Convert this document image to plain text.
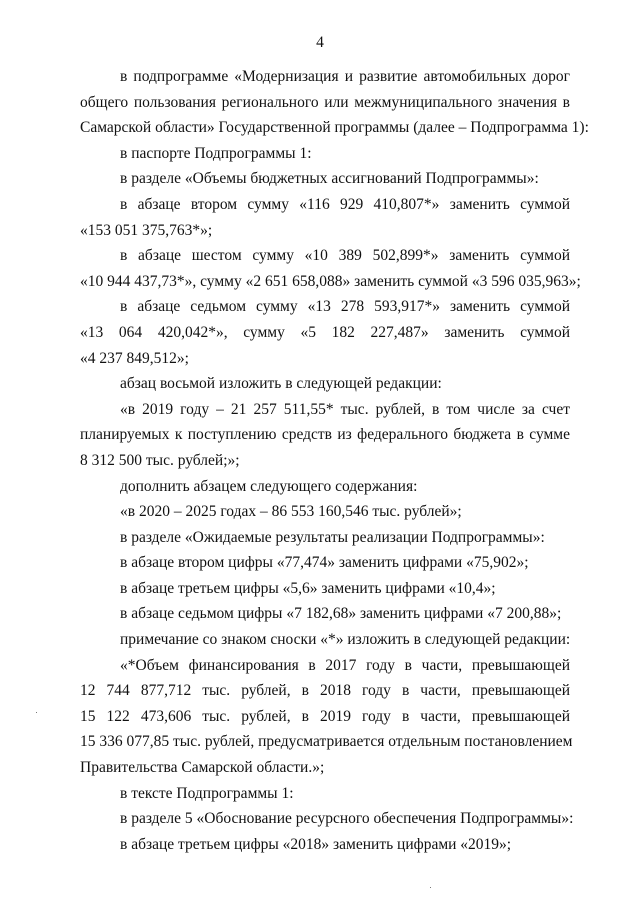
4
в подпрограмме «Модернизация и развитие автомобильных дорог
общего пользования регионального или межмуниципального значения в
Самарской области» Государственной программы (далее – Подпрограмма 1):
в паспорте Подпрограммы 1:
в разделе «Объемы бюджетных ассигнований Подпрограммы»:
в абзаце втором сумму «116 929 410,807*» заменить суммой
«153 051 375,763*»;
в абзаце шестом сумму «10 389 502,899*» заменить суммой
«10 944 437,73*», сумму «2 651 658,088» заменить суммой «3 596 035,963»;
в абзаце седьмом сумму «13 278 593,917*» заменить суммой
«13 064 420,042*», сумму «5 182 227,487» заменить суммой
«4 237 849,512»;
абзац восьмой изложить в следующей редакции:
«в 2019 году – 21 257 511,55* тыс. рублей, в том числе за счет
планируемых к поступлению средств из федерального бюджета в сумме
8 312 500 тыс. рублей;»;
дополнить абзацем следующего содержания:
«в 2020 – 2025 годах – 86 553 160,546 тыс. рублей»;
в разделе «Ожидаемые результаты реализации Подпрограммы»:
в абзаце втором цифры «77,474» заменить цифрами «75,902»;
в абзаце третьем цифры «5,6» заменить цифрами «10,4»;
в абзаце седьмом цифры «7 182,68» заменить цифрами «7 200,88»;
примечание со знаком сноски «*» изложить в следующей редакции:
«*Объем финансирования в 2017 году в части, превышающей
12 744 877,712 тыс. рублей, в 2018 году в части, превышающей
15 122 473,606 тыс. рублей, в 2019 году в части, превышающей
15 336 077,85 тыс. рублей, предусматривается отдельным постановлением
Правительства Самарской области.»;
в тексте Подпрограммы 1:
в разделе 5 «Обоснование ресурсного обеспечения Подпрограммы»:
в абзаце третьем цифры «2018» заменить цифрами «2019»;
